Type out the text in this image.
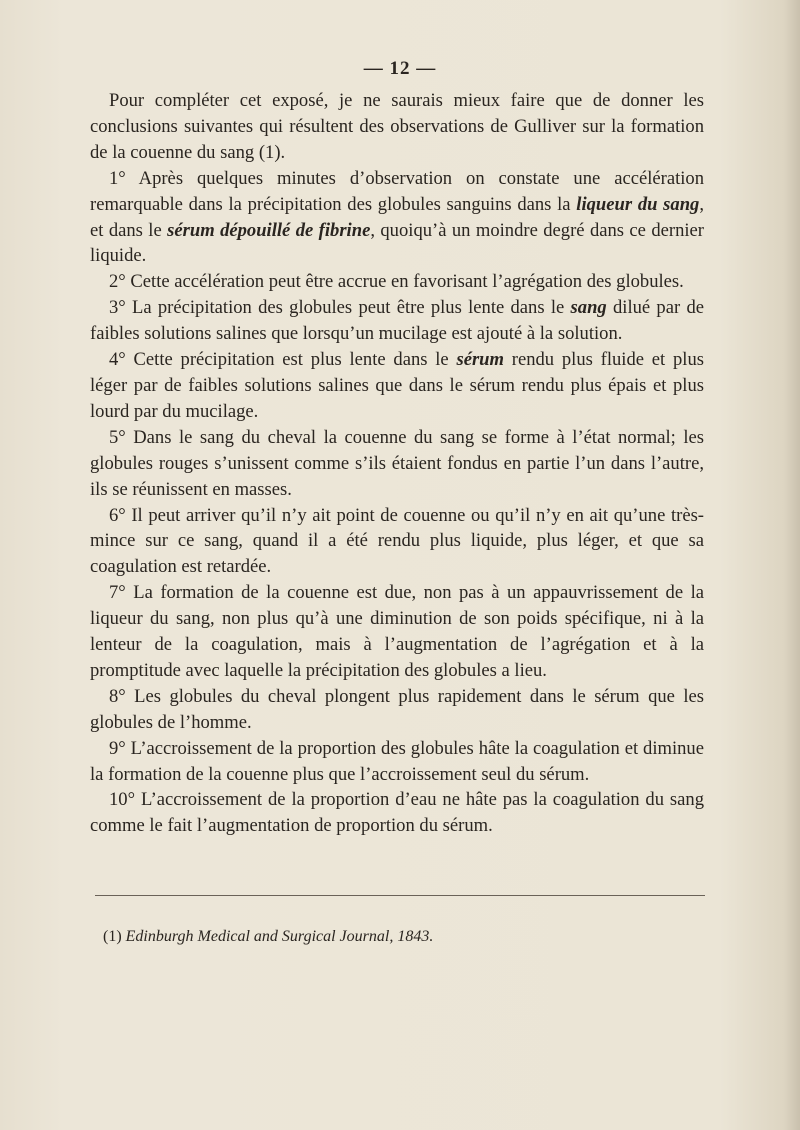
— 12 —

Pour compléter cet exposé, je ne saurais mieux faire que de donner les conclusions suivantes qui résultent des observations de Gulliver sur la formation de la couenne du sang (1).

1° Après quelques minutes d’observation on constate une accélération remarquable dans la précipitation des globules sanguins dans la liqueur du sang, et dans le sérum dépouillé de fibrine, quoiqu’à un moindre degré dans ce dernier liquide.

2° Cette accélération peut être accrue en favorisant l’agrégation des globules.

3° La précipitation des globules peut être plus lente dans le sang dilué par de faibles solutions salines que lorsqu’un mucilage est ajouté à la solution.

4° Cette précipitation est plus lente dans le sérum rendu plus fluide et plus léger par de faibles solutions salines que dans le sérum rendu plus épais et plus lourd par du mucilage.

5° Dans le sang du cheval la couenne du sang se forme à l’état normal; les globules rouges s’unissent comme s’ils étaient fondus en partie l’un dans l’autre, ils se réunissent en masses.

6° Il peut arriver qu’il n’y ait point de couenne ou qu’il n’y en ait qu’une très-mince sur ce sang, quand il a été rendu plus liquide, plus léger, et que sa coagulation est retardée.

7° La formation de la couenne est due, non pas à un appauvrissement de la liqueur du sang, non plus qu’à une diminution de son poids spécifique, ni à la lenteur de la coagulation, mais à l’augmentation de l’agrégation et à la promptitude avec laquelle la précipitation des globules a lieu.

8° Les globules du cheval plongent plus rapidement dans le sérum que les globules de l’homme.

9° L’accroissement de la proportion des globules hâte la coagulation et diminue la formation de la couenne plus que l’accroissement seul du sérum.

10° L’accroissement de la proportion d’eau ne hâte pas la coagulation du sang comme le fait l’augmentation de proportion du sérum.

(1) Edinburgh Medical and Surgical Journal, 1843.
